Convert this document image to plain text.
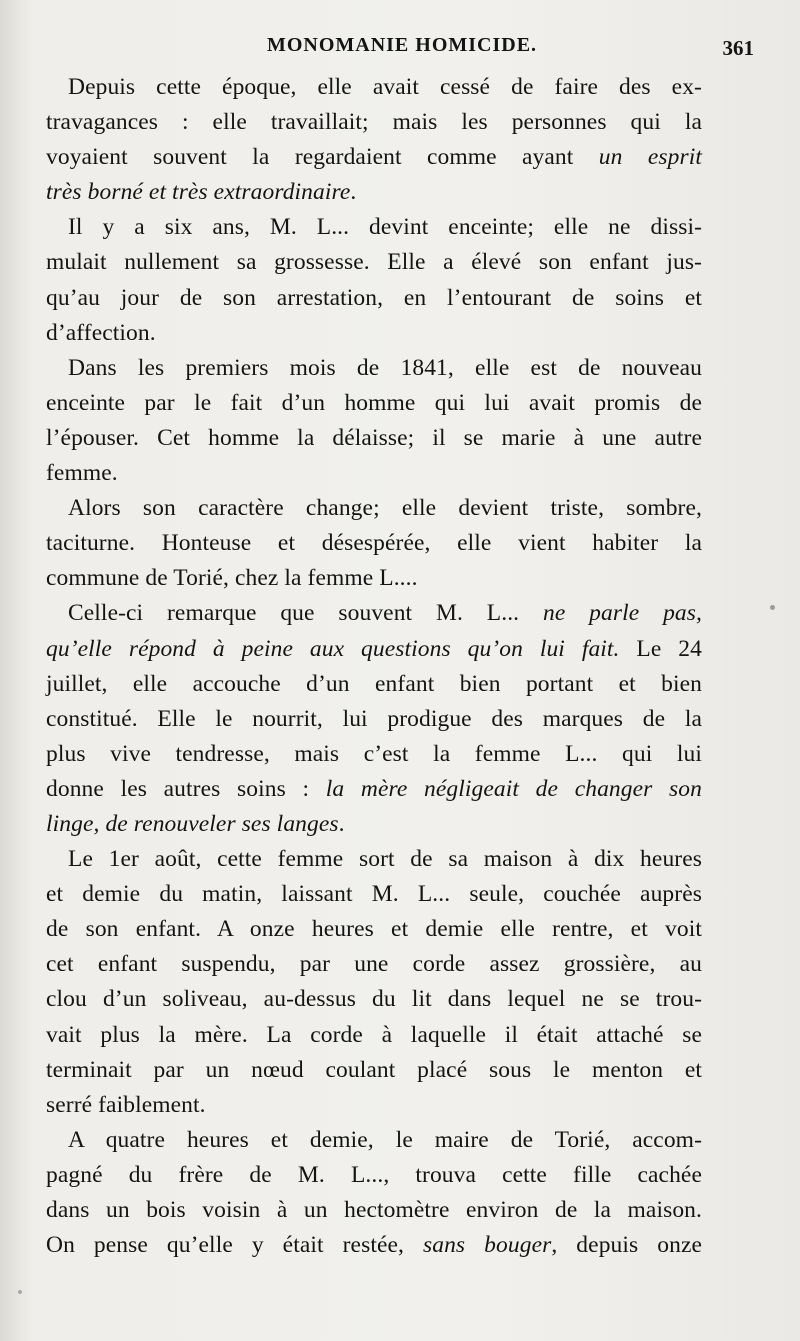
MONOMANIE HOMICIDE.	361
Depuis cette époque, elle avait cessé de faire des ex-
travagances : elle travaillait; mais les personnes qui la
voyaient souvent la regardaient comme ayant un esprit
très borné et très extraordinaire.
Il y a six ans, M. L... devint enceinte; elle ne dissi-
mulait nullement sa grossesse. Elle a élevé son enfant jus-
qu’au jour de son arrestation, en l’entourant de soins et
d’affection.
Dans les premiers mois de 1841, elle est de nouveau
enceinte par le fait d’un homme qui lui avait promis de
l’épouser. Cet homme la délaisse; il se marie à une autre
femme.
Alors son caractère change; elle devient triste, sombre,
taciturne. Honteuse et désespérée, elle vient habiter la
commune de Torié, chez la femme L....
Celle-ci remarque que souvent M. L... ne parle pas,
qu’elle répond à peine aux questions qu’on lui fait. Le 24
juillet, elle accouche d’un enfant bien portant et bien
constitué. Elle le nourrit, lui prodigue des marques de la
plus vive tendresse, mais c’est la femme L... qui lui
donne les autres soins : la mère négligeait de changer son
linge, de renouveler ses langes.
Le 1er août, cette femme sort de sa maison à dix heures
et demie du matin, laissant M. L... seule, couchée auprès
de son enfant. A onze heures et demie elle rentre, et voit
cet enfant suspendu, par une corde assez grossière, au
clou d’un soliveau, au-dessus du lit dans lequel ne se trou-
vait plus la mère. La corde à laquelle il était attaché se
terminait par un nœud coulant placé sous le menton et
serré faiblement.
A quatre heures et demie, le maire de Torié, accom-
pagné du frère de M. L..., trouva cette fille cachée
dans un bois voisin à un hectomètre environ de la maison.
On pense qu’elle y était restée, sans bouger, depuis onze
